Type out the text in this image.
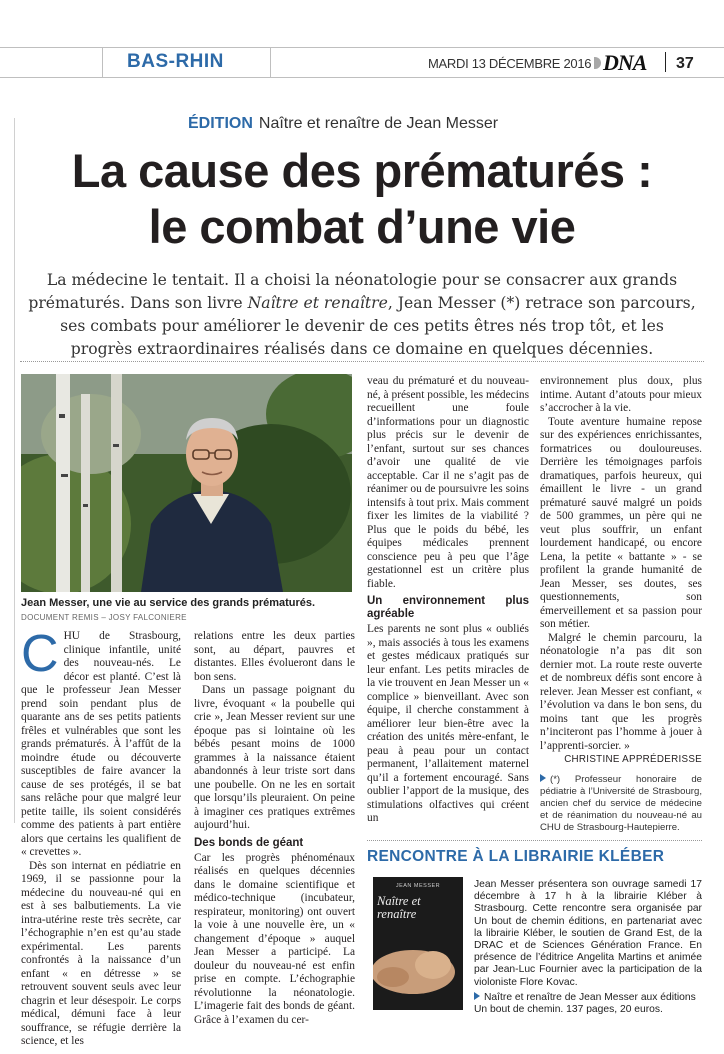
BAS-RHIN	MARDI 13 DÉCEMBRE 2016 DNA 37
ÉDITION Naître et renaître de Jean Messer
La cause des prématurés :
le combat d’une vie
La médecine le tentait. Il a choisi la néonatologie pour se consacrer aux grands prématurés. Dans son livre Naître et renaître, Jean Messer (*) retrace son parcours, ses combats pour améliorer le devenir de ces petits êtres nés trop tôt, et les progrès extraordinaires réalisés dans ce domaine en quelques décennies.
Jean Messer, une vie au service des grands prématurés.
DOCUMENT REMIS – JOSY FALCONIERE
C HU de Strasbourg, clinique infantile, unité des nouveau-nés. Le décor est planté. C’est là que le professeur Jean Messer prend soin pendant plus de quarante ans de ses petits patients frêles et vulnérables que sont les grands prématurés. À l’affût de la moindre étude ou découverte susceptibles de faire avancer la cause de ses protégés, il se bat sans relâche pour que malgré leur petite taille, ils soient considérés comme des patients à part entière alors que certains les qualifient de « crevettes ».

Dès son internat en pédiatrie en 1969, il se passionne pour la médecine du nouveau-né qui en est à ses balbutiements. La vie intra-utérine reste très secrète, car l’échographie n’en est qu’au stade expérimental. Les parents confrontés à la naissance d’un enfant « en détresse » se retrouvent souvent seuls avec leur chagrin et leur désespoir. Le corps médical, démuni face à leur souffrance, se réfugie derrière la science, et les

relations entre les deux parties sont, au départ, pauvres et distantes. Elles évolueront dans le bon sens.

Dans un passage poignant du livre, évoquant « la poubelle qui crie », Jean Messer revient sur une époque pas si lointaine où les bébés pesant moins de 1000 grammes à la naissance étaient abandonnés à leur triste sort dans une poubelle. On ne les en sortait que lorsqu’ils pleuraient. On peine à imaginer ces pratiques extrêmes aujourd’hui.

Des bonds de géant

Car les progrès phénoménaux réalisés en quelques décennies dans le domaine scientifique et médico-technique (incubateur, respirateur, monitoring) ont ouvert la voie à une nouvelle ère, un « changement d’époque » auquel Jean Messer a participé. La douleur du nouveau-né est enfin prise en compte. L’échographie révolutionne la néonatologie. L’imagerie fait des bonds de géant. Grâce à l’examen du cer-

veau du prématuré et du nouveau-né, à présent possible, les médecins recueillent une foule d’informations pour un diagnostic plus précis sur le devenir de l’enfant, surtout sur ses chances d’avoir une qualité de vie acceptable. Car il ne s’agit pas de réanimer ou de poursuivre les soins intensifs à tout prix. Mais comment fixer les limites de la viabilité ? Plus que le poids du bébé, les équipes médicales prennent conscience peu à peu que l’âge gestationnel est un critère plus fiable.

Un environnement plus agréable

Les parents ne sont plus « oubliés », mais associés à tous les examens et gestes médicaux pratiqués sur leur enfant. Les petits miracles de la vie trouvent en Jean Messer un « complice » bienveillant. Avec son équipe, il cherche constamment à améliorer leur bien-être avec la création des unités mère-enfant, le peau à peau pour un contact permanent, l’allaitement maternel qu’il a fortement encouragé. Sans oublier l’apport de la musique, des stimulations olfactives qui créent un

environnement plus doux, plus intime. Autant d’atouts pour mieux s’accrocher à la vie.

Toute aventure humaine repose sur des expériences enrichissantes, formatrices ou douloureuses. Derrière les témoignages parfois dramatiques, parfois heureux, qui émaillent le livre - un grand prématuré sauvé malgré un poids de 500 grammes, un père qui ne veut plus souffrir, un enfant lourdement handicapé, ou encore Lena, la petite « battante » - se profilent la grande humanité de Jean Messer, ses doutes, ses questionnements, son émerveillement et sa passion pour son métier.

Malgré le chemin parcouru, la néonatologie n’a pas dit son dernier mot. La route reste ouverte et de nombreux défis sont encore à relever. Jean Messer est confiant, « l’évolution va dans le bon sens, du moins tant que les progrès n’inciteront pas l’homme à jouer à l’apprenti-sorcier. »

CHRISTINE APPRÉDERISSE
(*) Professeur honoraire de pédiatrie à l’Université de Strasbourg, ancien chef du service de médecine et de réanimation du nouveau-né au CHU de Strasbourg-Hautepierre.
RENCONTRE À LA LIBRAIRIE KLÉBER
JEAN MESSER
Naître et renaître
Jean Messer présentera son ouvrage samedi 17 décembre à 17 h à la librairie Kléber à Strasbourg. Cette rencontre sera organisée par Un bout de chemin éditions, en partenariat avec la librairie Kléber, le soutien de Grand Est, de la DRAC et de Sciences Génération France. En présence de l’éditrice Angelita Martins et animée par Jean-Luc Fournier avec la participation de la violoniste Flore Kovac.
Naître et renaître de Jean Messer aux éditions Un bout de chemin. 137 pages, 20 euros.
